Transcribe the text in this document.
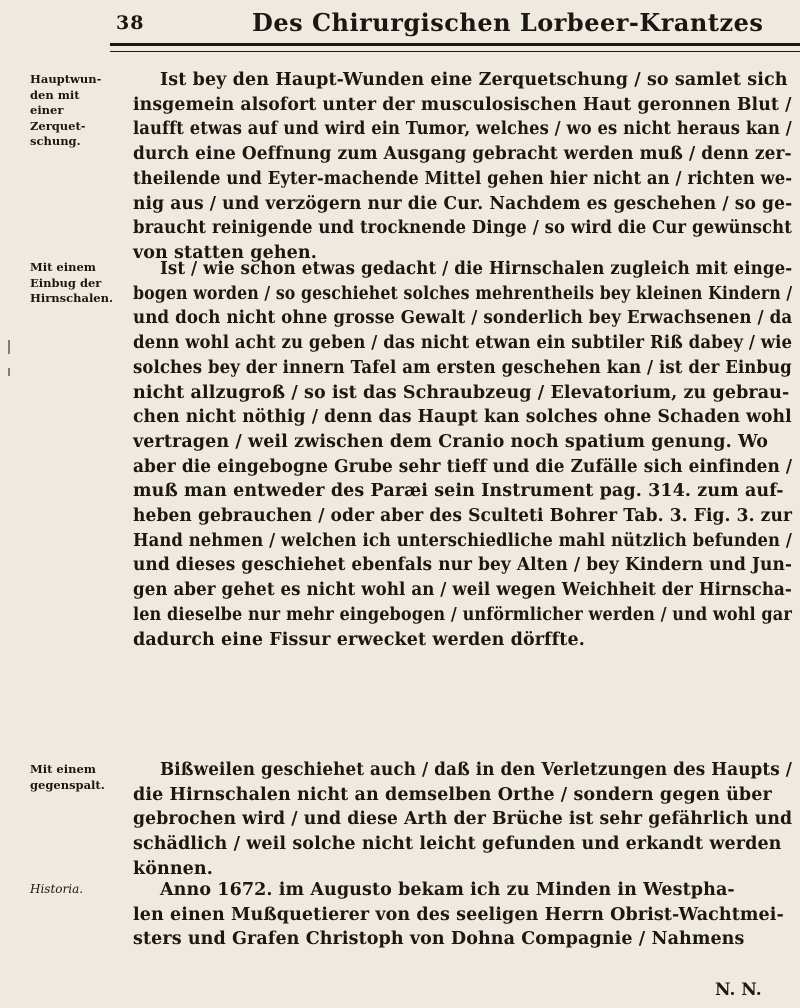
38	Des Chirurgischen Lorbeer-Krantzes
Hauptwun-
den mit einer
Zerquet-
schung.
Ist bey den Haupt-Wunden eine Zerquetschung / so samlet sich
insgemein alsofort unter der musculosischen Haut geronnen Blut /
laufft etwas auf und wird ein Tumor, welches / wo es nicht heraus kan /
durch eine Oeffnung zum Ausgang gebracht werden muß / denn zer-
theilende und Eyter-machende Mittel gehen hier nicht an / richten we-
nig aus / und verzögern nur die Cur. Nachdem es geschehen / so ge-
braucht reinigende und trocknende Dinge / so wird die Cur gewünscht
von statten gehen.
Mit einem
Einbug der
Hirnschalen.
Ist / wie schon etwas gedacht / die Hirnschalen zugleich mit einge-
bogen worden / so geschiehet solches mehrentheils bey kleinen Kindern /
und doch nicht ohne grosse Gewalt / sonderlich bey Erwachsenen / da
denn wohl acht zu geben / das nicht etwan ein subtiler Riß dabey / wie
solches bey der innern Tafel am ersten geschehen kan / ist der Einbug
nicht allzugroß / so ist das Schraubzeug / Elevatorium, zu gebrau-
chen nicht nöthig / denn das Haupt kan solches ohne Schaden wohl
vertragen / weil zwischen dem Cranio noch spatium genung. Wo
aber die eingebogne Grube sehr tieff und die Zufälle sich einfinden /
muß man entweder des Paræi sein Instrument pag. 314. zum auf-
heben gebrauchen / oder aber des Sculteti Bohrer Tab. 3. Fig. 3. zur
Hand nehmen / welchen ich unterschiedliche mahl nützlich befunden /
und dieses geschiehet ebenfals nur bey Alten / bey Kindern und Jun-
gen aber gehet es nicht wohl an / weil wegen Weichheit der Hirnscha-
len dieselbe nur mehr eingebogen / unförmlicher werden / und wohl gar
dadurch eine Fissur erwecket werden dörffte.
Mit einem
gegenspalt.
Bißweilen geschiehet auch / daß in den Verletzungen des Haupts /
die Hirnschalen nicht an demselben Orthe / sondern gegen über
gebrochen wird / und diese Arth der Brüche ist sehr gefährlich und
schädlich / weil solche nicht leicht gefunden und erkandt werden
können.
Historia.	Anno 1672. im Augusto bekam ich zu Minden in Westpha-
len einen Mußquetierer von des seeligen Herrn Obrist-Wachtmei-
sters und Grafen Christoph von Dohna Compagnie / Nahmens
N. N.
